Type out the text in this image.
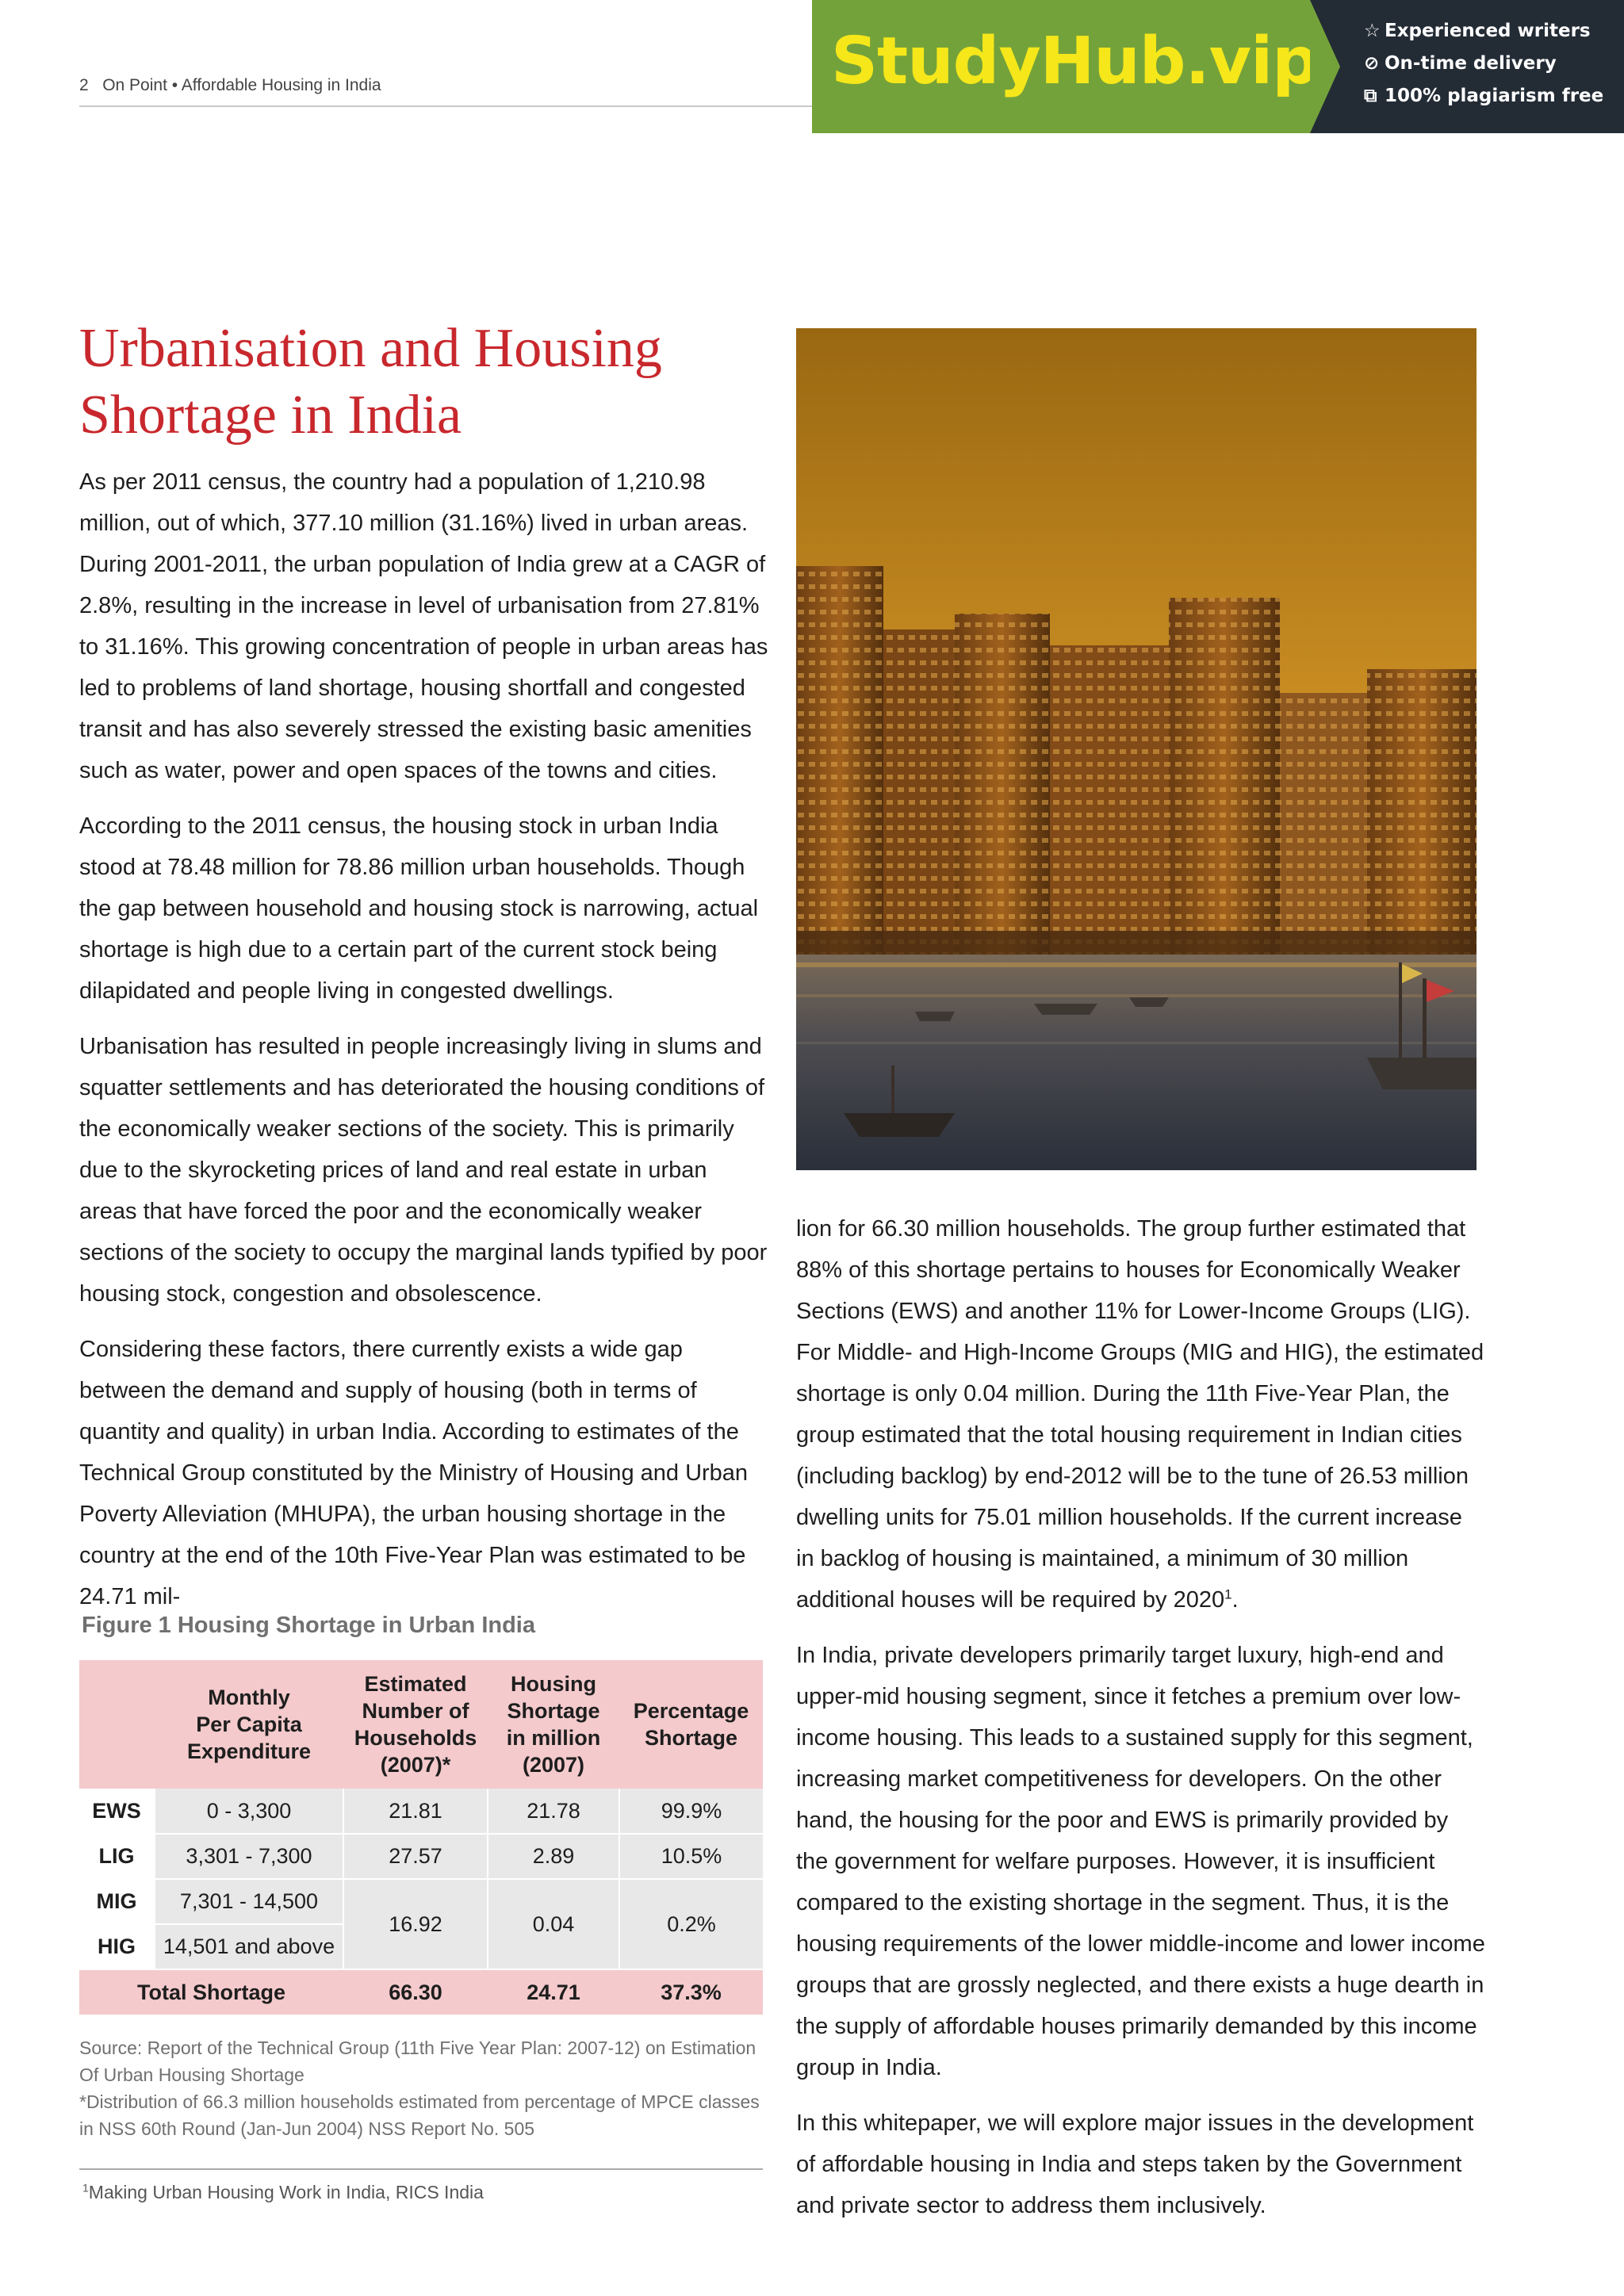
2 On Point • Affordable Housing in India	StudyHub.vip	☆ Experienced writers
⊘ On-time delivery
⧉ 100% plagiarism free
Urbanisation and Housing
Shortage in India

As per 2011 census, the country had a population of 1,210.98 million, out of which, 377.10 million (31.16%) lived in urban areas. During 2001-2011, the urban population of India grew at a CAGR of 2.8%, resulting in the increase in level of urbanisation from 27.81% to 31.16%. This growing concentration of people in urban areas has led to problems of land shortage, housing shortfall and congested transit and has also severely stressed the existing basic amenities such as water, power and open spaces of the towns and cities.

According to the 2011 census, the housing stock in urban India stood at 78.48 million for 78.86 million urban households. Though the gap between household and housing stock is narrowing, actual shortage is high due to a certain part of the current stock being dilapidated and people living in congested dwellings.

Urbanisation has resulted in people increasingly living in slums and squatter settlements and has deteriorated the housing conditions of the economically weaker sections of the society. This is primarily due to the skyrocketing prices of land and real estate in urban areas that have forced the poor and the economically weaker sections of the society to occupy the marginal lands typified by poor housing stock, congestion and obsolescence.

Considering these factors, there currently exists a wide gap between the demand and supply of housing (both in terms of quantity and quality) in urban India. According to estimates of the Technical Group constituted by the Ministry of Housing and Urban Poverty Alleviation (MHUPA), the urban housing shortage in the country at the end of the 10th Five-Year Plan was estimated to be 24.71 mil-

lion for 66.30 million households. The group further estimated that 88% of this shortage pertains to houses for Economically Weaker Sections (EWS) and another 11% for Lower-Income Groups (LIG). For Middle- and High-Income Groups (MIG and HIG), the estimated shortage is only 0.04 million. During the 11th Five-Year Plan, the group estimated that the total housing requirement in Indian cities (including backlog) by end-2012 will be to the tune of 26.53 million dwelling units for 75.01 million households. If the current increase in backlog of housing is maintained, a minimum of 30 million additional houses will be required by 2020$^1$.

In India, private developers primarily target luxury, high-end and upper-mid housing segment, since it fetches a premium over low-income housing. This leads to a sustained supply for this segment, increasing market competitiveness for developers. On the other hand, the housing for the poor and EWS is primarily provided by the government for welfare purposes. However, it is insufficient compared to the existing shortage in the segment. Thus, it is the housing requirements of the lower middle-income and lower income groups that are grossly neglected, and there exists a huge dearth in the supply of affordable houses primarily demanded by this income group in India.

In this whitepaper, we will explore major issues in the development of affordable housing in India and steps taken by the Government and private sector to address them inclusively.

Figure 1 Housing Shortage in Urban India
	Monthly
Per Capita
Expenditure	Estimated
Number of
Households
(2007)*	Housing
Shortage
in million
(2007)	Percentage
Shortage
EWS	0 - 3,300	21.81	21.78	99.9%
LIG	3,301 - 7,300	27.57	2.89	10.5%
MIG	7,301 - 14,500	16.92	0.04	0.2%
HIG	14,501 and above			
Total Shortage		66.30	24.71	37.3%
Source: Report of the Technical Group (11th Five Year Plan: 2007-12) on Estimation
Of Urban Housing Shortage
*Distribution of 66.3 million households estimated from percentage of MPCE classes
in NSS 60th Round (Jan-Jun 2004) NSS Report No. 505
$^1$Making Urban Housing Work in India, RICS India
